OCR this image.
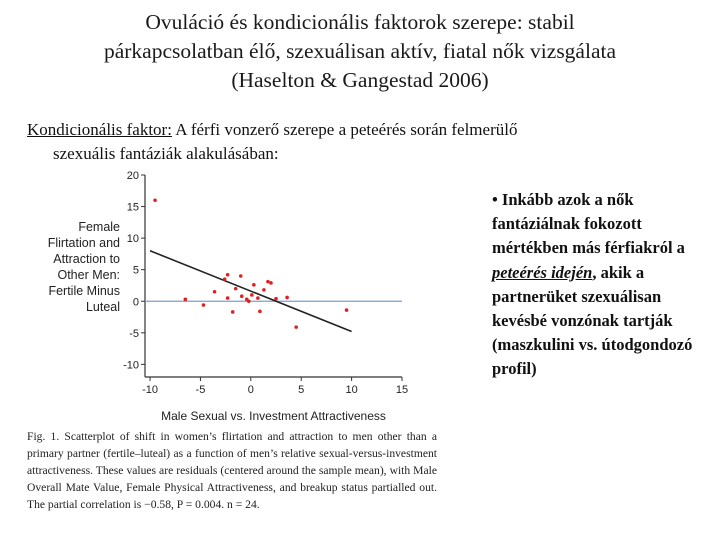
Ovuláció és kondicionális faktorok szerepe: stabil
párkapcsolatban élő, szexuálisan aktív, fiatal nők vizsgálata
(Haselton & Gangestad 2006)
Kondicionális faktor: A férfi vonzerő szerepe a peteérés során felmerülő
szexuális fantáziák alakulásában:
Female
Flirtation and
Attraction to
Other Men:
Fertile Minus
Luteal
20
15
10
5
0
-5
-10
-10	-5	0	5	10	15
Male Sexual vs. Investment Attractiveness
Fig. 1. Scatterplot of shift in women’s flirtation and attraction to men other than a primary partner (fertile–luteal) as a function of men’s relative sexual-versus-investment attractiveness. These values are residuals (centered around the sample mean), with Male Overall Mate Value, Female Physical Attractiveness, and breakup status partialled out. The partial correlation is −0.58, P = 0.004. n = 24.
• Inkább azok a nők fantáziálnak fokozott mértékben más férfiakról a peteérés idején, akik a partnerüket szexuálisan kevésbé vonzónak tartják (maszkulini vs. útodgondozó profil)
